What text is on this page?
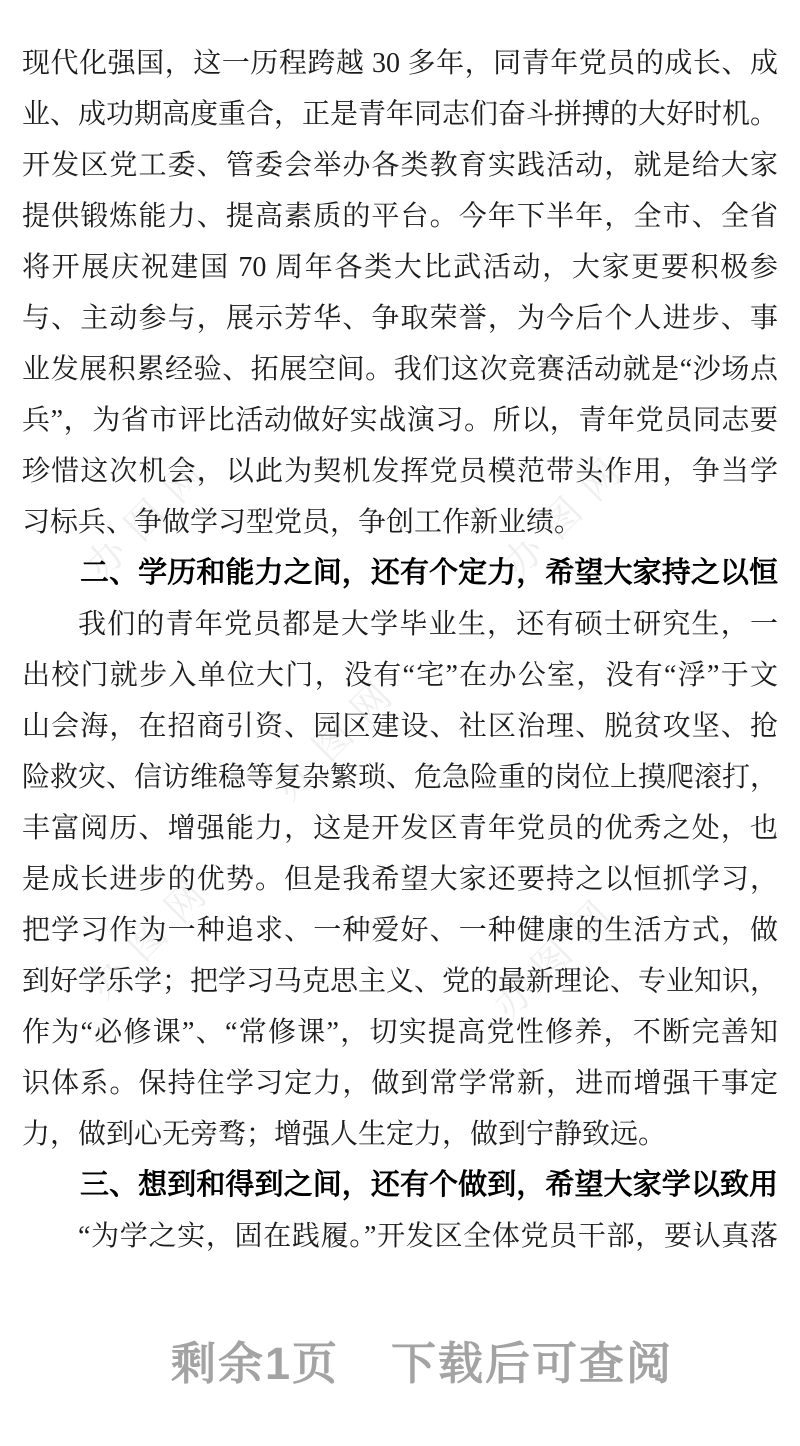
办图网	办图网
办图网
办图网	办图网
现代化强国，这一历程跨越 30 多年，同青年党员的成长、成
业、成功期高度重合，正是青年同志们奋斗拼搏的大好时机。
开发区党工委、管委会举办各类教育实践活动，就是给大家
提供锻炼能力、提高素质的平台。今年下半年，全市、全省
将开展庆祝建国 70 周年各类大比武活动，大家更要积极参
与、主动参与，展示芳华、争取荣誉，为今后个人进步、事
业发展积累经验、拓展空间。我们这次竞赛活动就是“沙场点
兵”，为省市评比活动做好实战演习。所以，青年党员同志要
珍惜这次机会，以此为契机发挥党员模范带头作用，争当学
习标兵、争做学习型党员，争创工作新业绩。
二、学历和能力之间，还有个定力，希望大家持之以恒
我们的青年党员都是大学毕业生，还有硕士研究生，一
出校门就步入单位大门，没有“宅”在办公室，没有“浮”于文
山会海，在招商引资、园区建设、社区治理、脱贫攻坚、抢
险救灾、信访维稳等复杂繁琐、危急险重的岗位上摸爬滚打，
丰富阅历、增强能力，这是开发区青年党员的优秀之处，也
是成长进步的优势。但是我希望大家还要持之以恒抓学习，
把学习作为一种追求、一种爱好、一种健康的生活方式，做
到好学乐学；把学习马克思主义、党的最新理论、专业知识，
作为“必修课”、“常修课”，切实提高党性修养，不断完善知
识体系。保持住学习定力，做到常学常新，进而增强干事定
力，做到心无旁骛；增强人生定力，做到宁静致远。
三、想到和得到之间，还有个做到，希望大家学以致用
“为学之实，固在践履。”开发区全体党员干部，要认真落
剩余1页 下载后可查阅
